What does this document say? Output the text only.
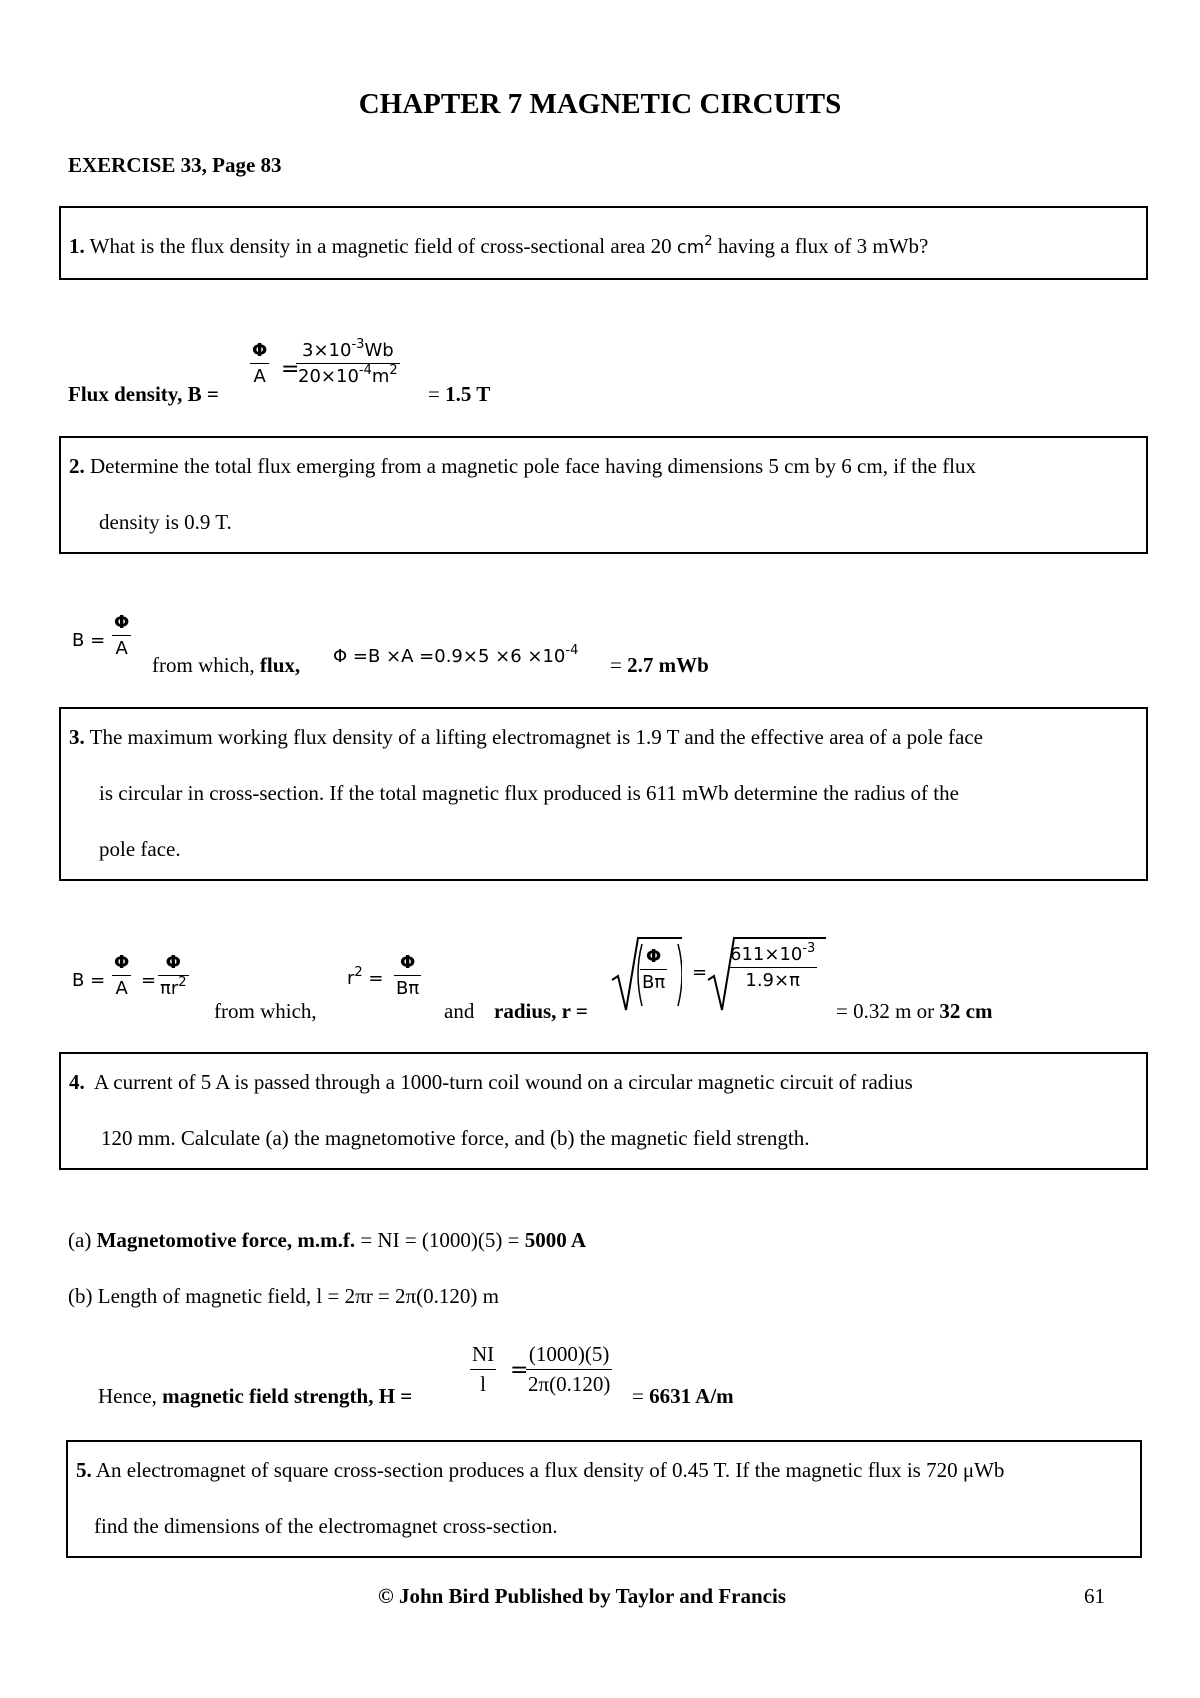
CHAPTER 7 MAGNETIC CIRCUITS
EXERCISE 33, Page 83
1. What is the flux density in a magnetic field of cross-sectional area 20 $cm^2$ having a flux of 3 mWb?
Flux density, B =
$\frac{\Phi}{A}$ =
$\frac{3\times 10^{-3}Wb}{20\times 10^{-4}m^2}$
= 1.5 T
2. Determine the total flux emerging from a magnetic pole face having dimensions 5 cm by 6 cm, if the flux
density is 0.9 T.
$B = \frac{\Phi}{A}$
from which, flux, $\Phi =B \times A =0.9\times 5 \times 6 \times 10^{-4}$
= 2.7 mWb
3. The maximum working flux density of a lifting electromagnet is 1.9 T and the effective area of a pole face
is circular in cross-section. If the total magnetic flux produced is 611 mWb determine the radius of the
pole face.
$B = \frac{\Phi}{A} = \frac{\Phi}{\pi r^2}$
from which,
$r^2 = \frac{\Phi}{B\pi}$
and radius, r =
$\frac{\Phi}{B\pi} = \frac{611\times 10^{-3}}{1.9\times\pi}$
= 0.32 m or 32 cm
4. A current of 5 A is passed through a 1000-turn coil wound on a circular magnetic circuit of radius
120 mm. Calculate (a) the magnetomotive force, and (b) the magnetic field strength.
(a) Magnetomotive force, m.m.f. = NI = (1000)(5) = 5000 A
(b) Length of magnetic field, l = 2πr = 2π(0.120) m
Hence, magnetic field strength, H =	$\frac{NI}{l}$ =
$\frac{(1000)(5)}{2\pi(0.120)} = 6631$ A/m
5. An electromagnet of square cross-section produces a flux density of 0.45 T. If the magnetic flux is 720 μWb
find the dimensions of the electromagnet cross-section.
© John Bird Published by Taylor and Francis	61
